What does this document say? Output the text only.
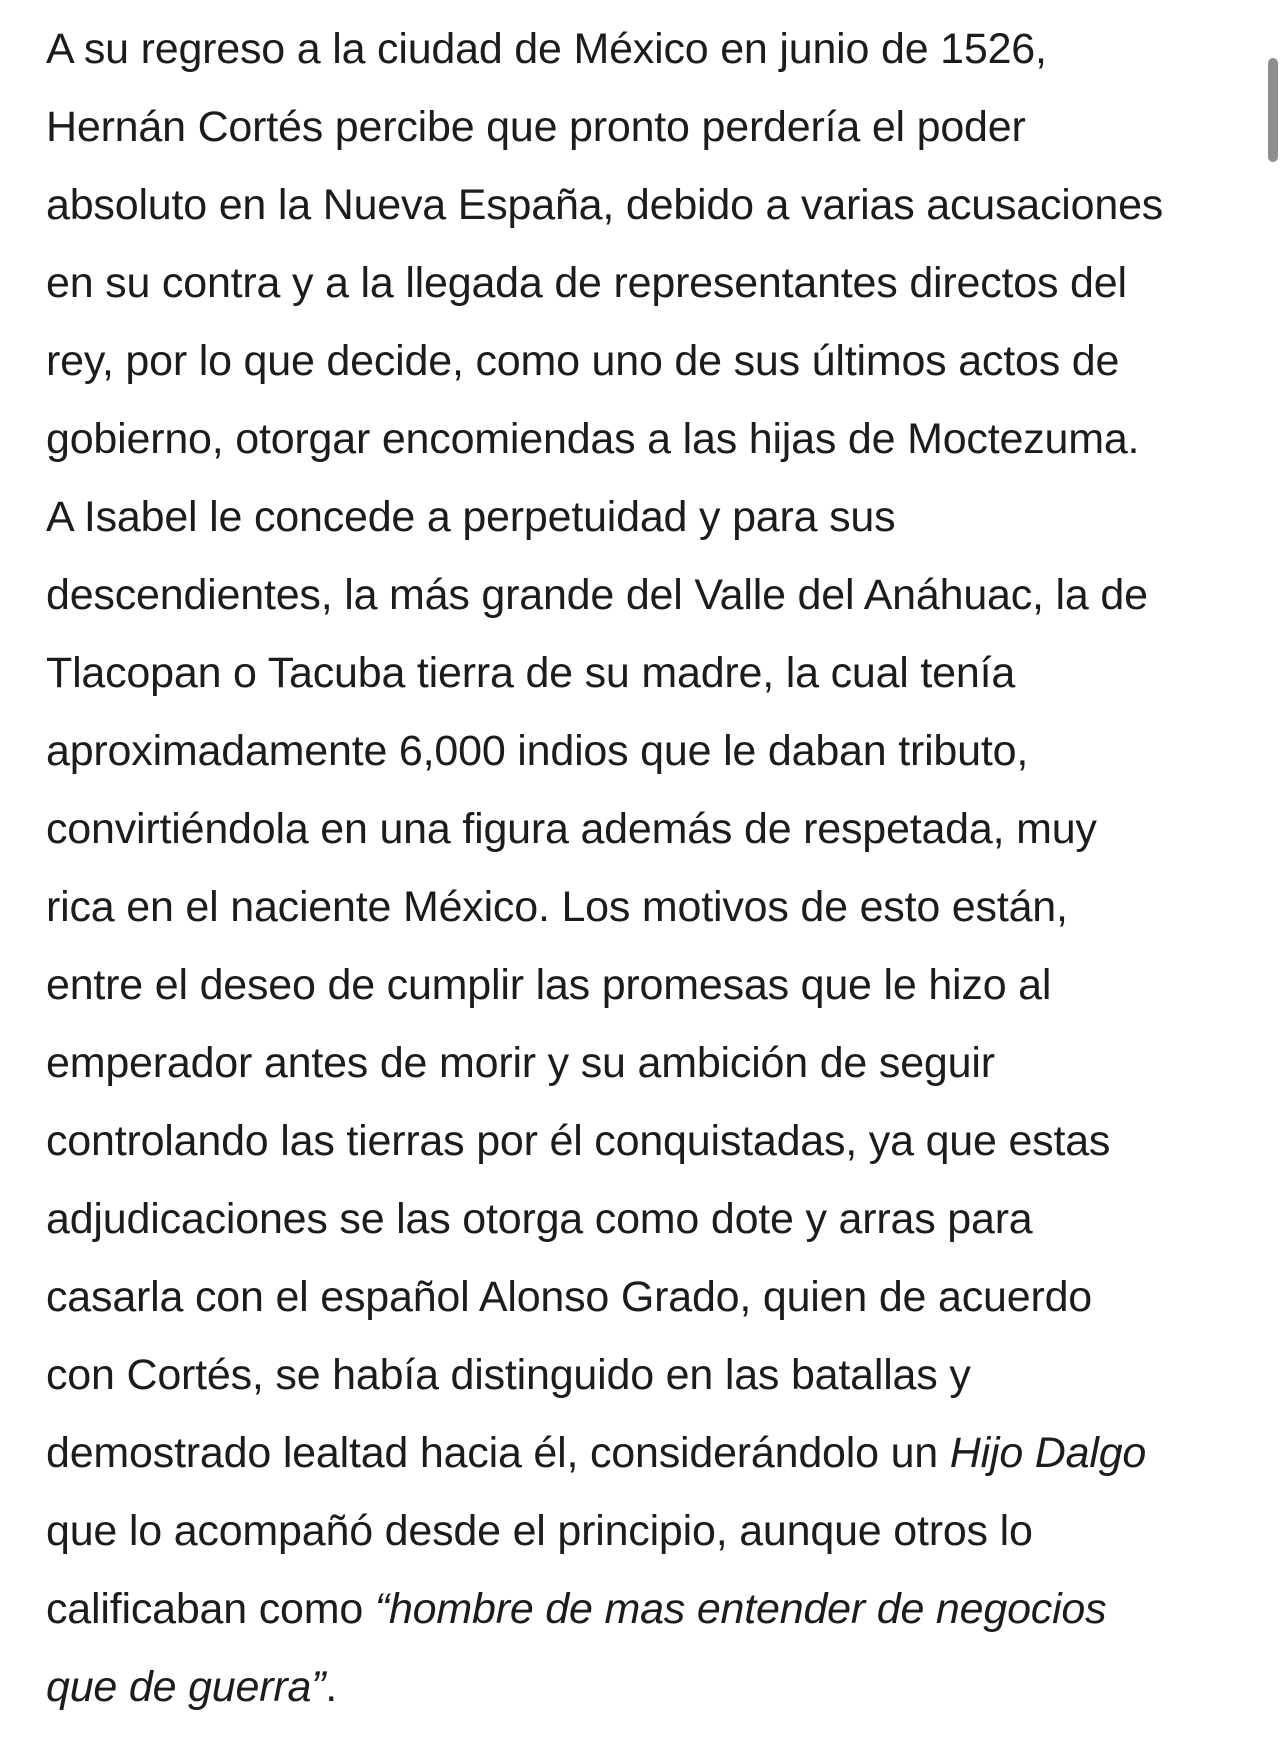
A su regreso a la ciudad de México en junio de 1526,
Hernán Cortés percibe que pronto perdería el poder
absoluto en la Nueva España, debido a varias acusaciones
en su contra y a la llegada de representantes directos del
rey, por lo que decide, como uno de sus últimos actos de
gobierno, otorgar encomiendas a las hijas de Moctezuma.
A Isabel le concede a perpetuidad y para sus
descendientes, la más grande del Valle del Anáhuac, la de
Tlacopan o Tacuba tierra de su madre, la cual tenía
aproximadamente 6,000 indios que le daban tributo,
convirtiéndola en una figura además de respetada, muy
rica en el naciente México. Los motivos de esto están,
entre el deseo de cumplir las promesas que le hizo al
emperador antes de morir y su ambición de seguir
controlando las tierras por él conquistadas, ya que estas
adjudicaciones se las otorga como dote y arras para
casarla con el español Alonso Grado, quien de acuerdo
con Cortés, se había distinguido en las batallas y
demostrado lealtad hacia él, considerándolo un Hijo Dalgo
que lo acompañó desde el principio, aunque otros lo
calificaban como “hombre de mas entender de negocios
que de guerra”.
